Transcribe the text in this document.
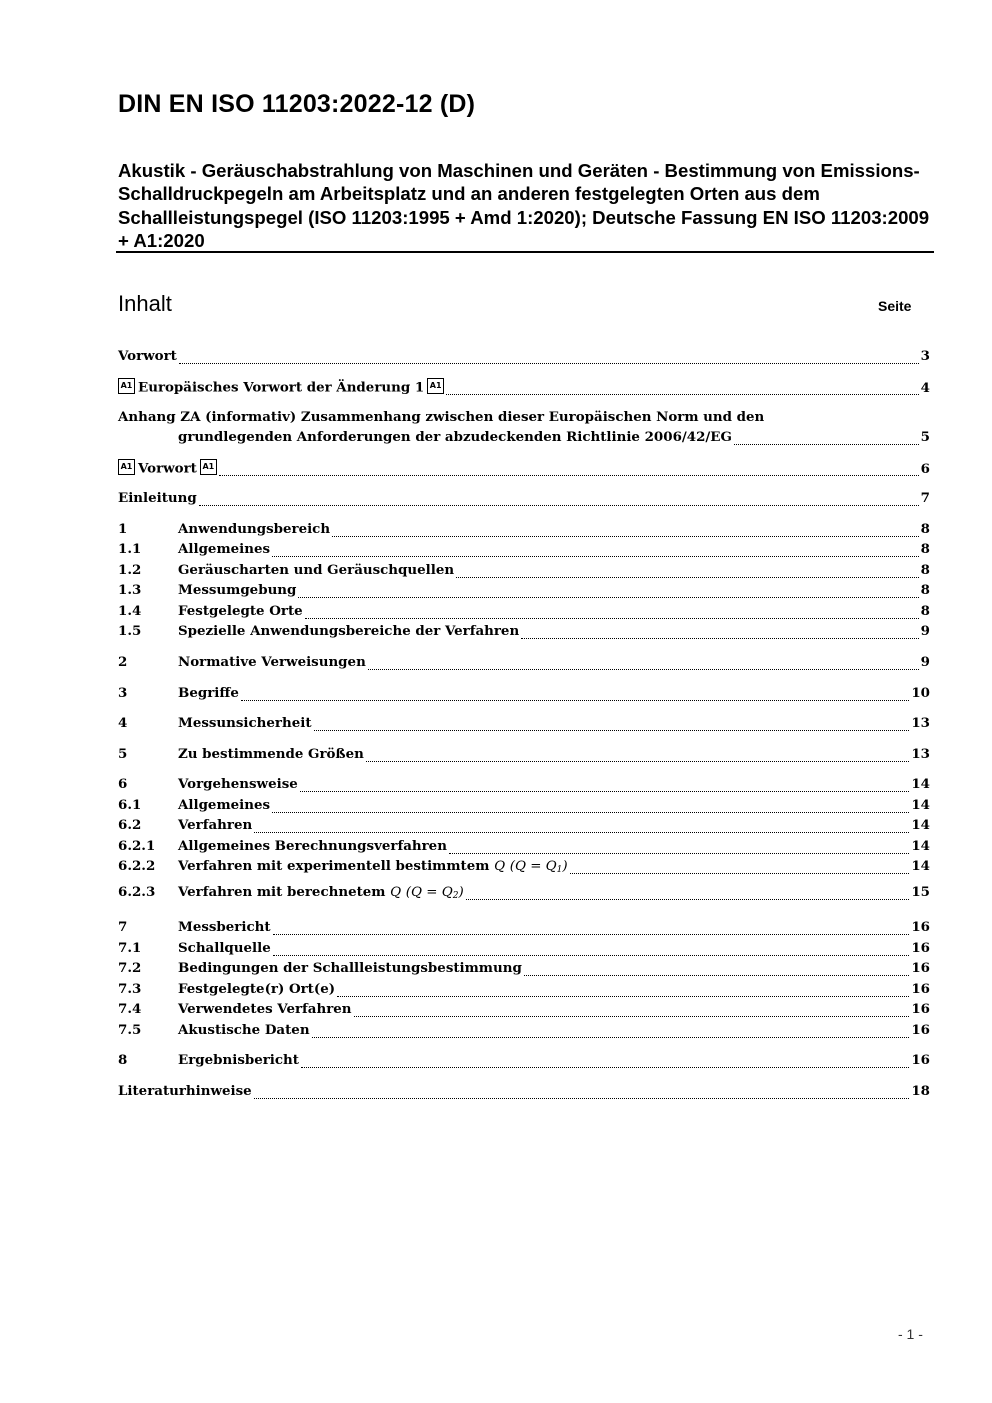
DIN EN ISO 11203:2022-12 (D)
Akustik - Geräuschabstrahlung von Maschinen und Geräten - Bestimmung von Emissions-Schalldruckpegeln am Arbeitsplatz und an anderen festgelegten Orten aus dem Schallleistungspegel (ISO 11203:1995 + Amd 1:2020); Deutsche Fassung EN ISO 11203:2009 + A1:2020
Inhalt	Seite
Vorwort	3
A1 Europäisches Vorwort der Änderung 1 A1	4
Anhang ZA (informativ) Zusammenhang zwischen dieser Europäischen Norm und den
grundlegenden Anforderungen der abzudeckenden Richtlinie 2006/42/EG	5
A1 Vorwort A1	6
Einleitung	7
1	Anwendungsbereich	8
1.1	Allgemeines	8
1.2	Geräuscharten und Geräuschquellen	8
1.3	Messumgebung	8
1.4	Festgelegte Orte	8
1.5	Spezielle Anwendungsbereiche der Verfahren	9
2	Normative Verweisungen	9
3	Begriffe	10
4	Messunsicherheit	13
5	Zu bestimmende Größen	13
6	Vorgehensweise	14
6.1	Allgemeines	14
6.2	Verfahren	14
6.2.1	Allgemeines Berechnungsverfahren	14
6.2.2	Verfahren mit experimentell bestimmtem Q $(Q = Q_1)$	14
6.2.3	Verfahren mit berechnetem Q $(Q = Q_2)$	15
7	Messbericht	16
7.1	Schallquelle	16
7.2	Bedingungen der Schallleistungsbestimmung	16
7.3	Festgelegte(r) Ort(e)	16
7.4	Verwendetes Verfahren	16
7.5	Akustische Daten	16
8	Ergebnisbericht	16
Literaturhinweise	18
- 1 -
